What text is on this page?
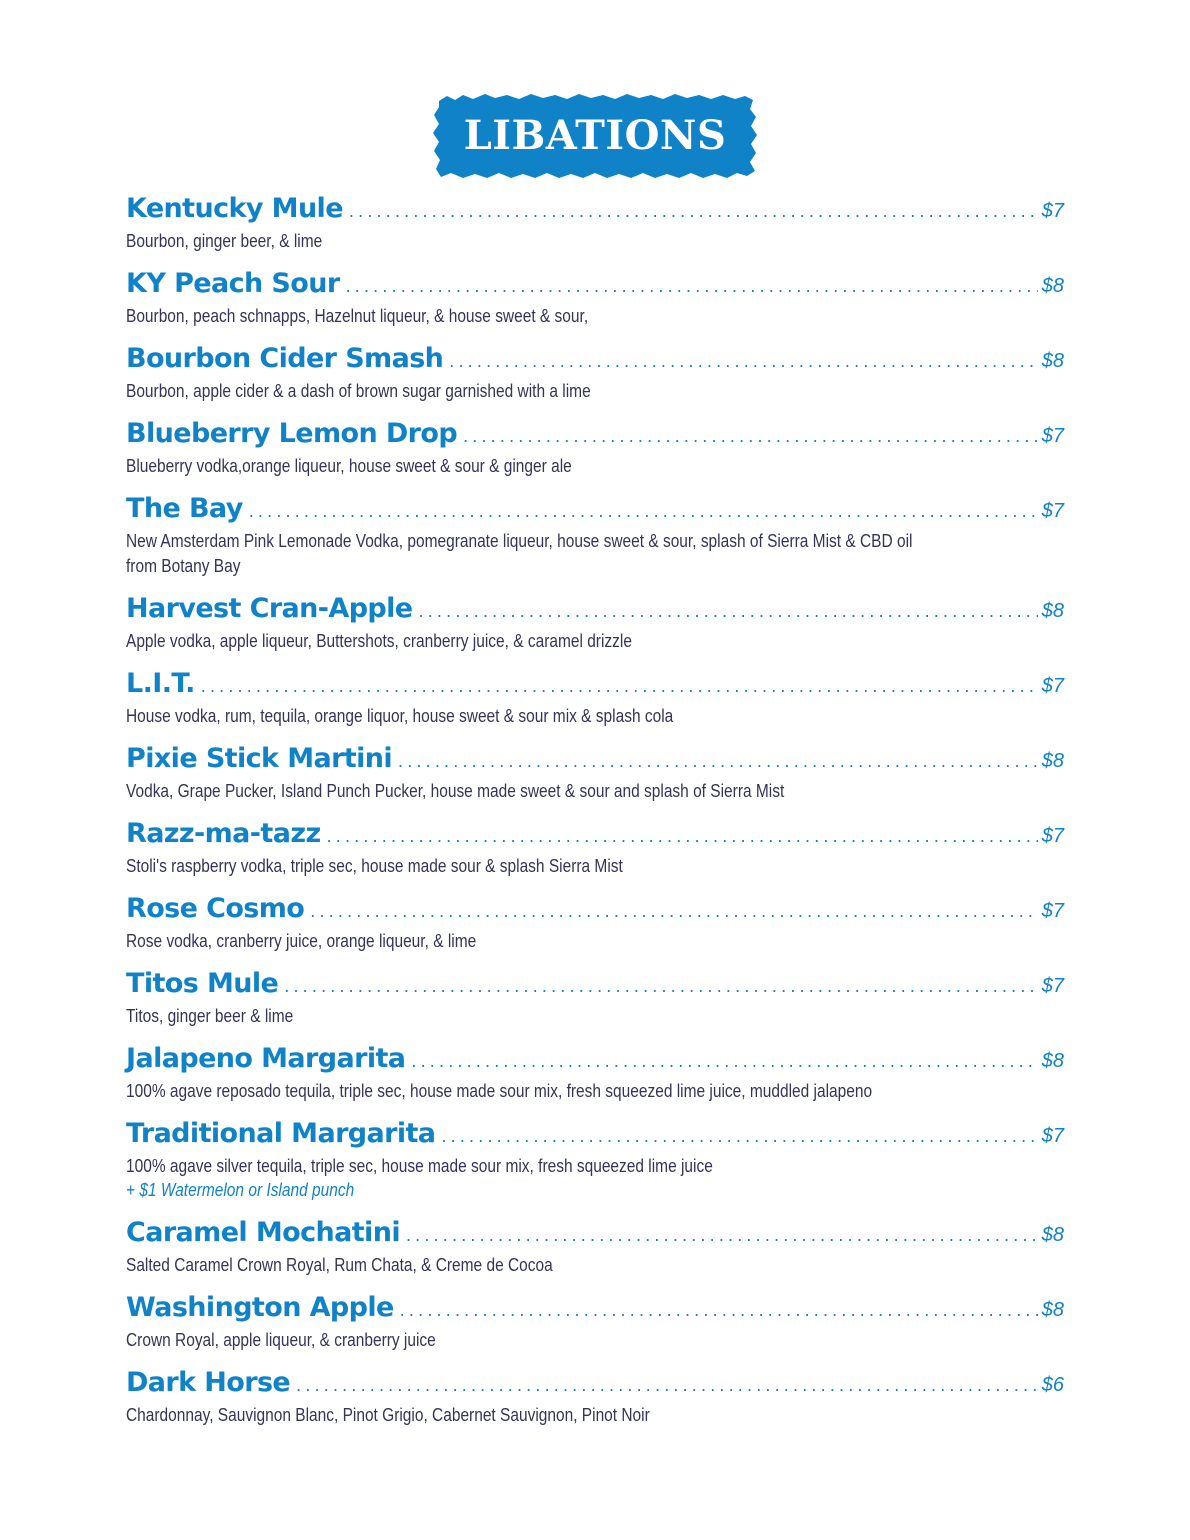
LIBATIONS
Kentucky Mule .....	$7
Bourbon, ginger beer, & lime
KY Peach Sour .....	$8
Bourbon, peach schnapps, Hazelnut liqueur, & house sweet & sour,
Bourbon Cider Smash .....	$8
Bourbon, apple cider & a dash of brown sugar garnished with a lime
Blueberry Lemon Drop .....	$7
Blueberry vodka,orange liqueur, house sweet & sour & ginger ale
The Bay .....	$7
New Amsterdam Pink Lemonade Vodka, pomegranate liqueur, house sweet & sour, splash of Sierra Mist & CBD oil
from Botany Bay
Harvest Cran-Apple .....	$8
Apple vodka, apple liqueur, Buttershots, cranberry juice, & caramel drizzle
L.I.T. .....	$7
House vodka, rum, tequila, orange liquor, house sweet & sour mix & splash cola
Pixie Stick Martini .....	$8
Vodka, Grape Pucker, Island Punch Pucker, house made sweet & sour and splash of Sierra Mist
Razz-ma-tazz .....	$7
Stoli's raspberry vodka, triple sec, house made sour & splash Sierra Mist
Rose Cosmo .....	$7
Rose vodka, cranberry juice, orange liqueur, & lime
Titos Mule .....	$7
Titos, ginger beer & lime
Jalapeno Margarita .....	$8
100% agave reposado tequila, triple sec, house made sour mix, fresh squeezed lime juice, muddled jalapeno
Traditional Margarita .....	$7
100% agave silver tequila, triple sec, house made sour mix, fresh squeezed lime juice
+ $1 Watermelon or Island punch
Caramel Mochatini .....	$8
Salted Caramel Crown Royal, Rum Chata, & Creme de Cocoa
Washington Apple .....	$8
Crown Royal, apple liqueur, & cranberry juice
Dark Horse .....	$6
Chardonnay, Sauvignon Blanc, Pinot Grigio, Cabernet Sauvignon, Pinot Noir
